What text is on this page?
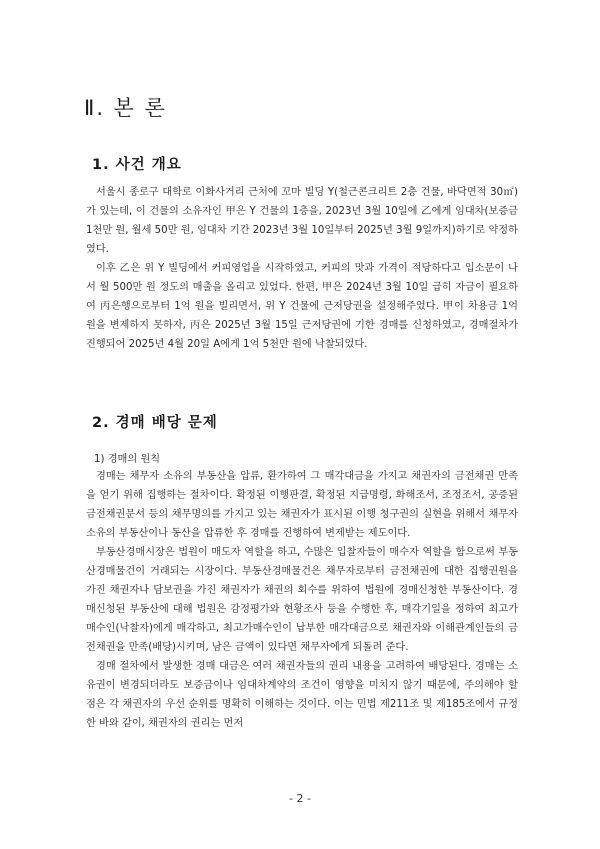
Ⅱ. 본 론
1. 사건 개요

서울시 종로구 대학로 이화사거리 근처에 꼬마 빌딩 Y(철근콘크리트 2층 건물, 바닥면적 30㎡)가 있는데, 이 건물의 소유자인 甲은 Y 건물의 1층을, 2023년 3월 10일에 乙에게 임대차(보증금 1천만 원, 월세 50만 원, 임대차 기간 2023년 3월 10일부터 2025년 3월 9일까지)하기로 약정하였다.

이후 乙은 위 Y 빌딩에서 커피영업을 시작하였고, 커피의 맛과 가격이 적당하다고 입소문이 나서 월 500만 원 정도의 매출을 올리고 있었다. 한편, 甲은 2024년 3월 10일 급히 자금이 필요하여 丙은행으로부터 1억 원을 빌리면서, 위 Y 건물에 근저당권을 설정해주었다. 甲이 차용금 1억 원을 변제하지 못하자, 丙은 2025년 3월 15일 근저당권에 기한 경매를 신청하였고, 경매절차가 진행되어 2025년 4월 20일 A에게 1억 5천만 원에 낙찰되었다.

2. 경매 배당 문제
1) 경매의 원칙

경매는 채무자 소유의 부동산을 압류, 환가하여 그 매각대금을 가지고 채권자의 금전채권 만족을 얻기 위해 집행하는 절차이다. 확정된 이행판결, 확정된 지급명령, 화해조서, 조정조서, 공증된 금전채권문서 등의 채무명의를 가지고 있는 채권자가 표시된 이행 청구권의 실현을 위해서 채무자 소유의 부동산이나 동산을 압류한 후 경매를 진행하여 변제받는 제도이다.

부동산경매시장은 법원이 매도자 역할을 하고, 수많은 입찰자들이 매수자 역할을 함으로써 부동산경매물건이 거래되는 시장이다. 부동산경매물건은 채무자로부터 금전채권에 대한 집행권원을 가진 채권자나 담보권을 가진 채권자가 채권의 회수를 위하여 법원에 경매신청한 부동산이다. 경매신청된 부동산에 대해 법원은 감정평가와 현황조사 등을 수행한 후, 매각기일을 정하여 최고가매수인(낙찰자)에게 매각하고, 최고가매수인이 납부한 매각대금으로 채권자와 이해관계인들의 금전채권을 만족(배당)시키며, 남은 금액이 있다면 채무자에게 되돌려 준다.

경매 절차에서 발생한 경매 대금은 여러 채권자들의 권리 내용을 고려하여 배당된다. 경매는 소유권이 변경되더라도 보증금이나 임대차계약의 조건이 영향을 미치지 않기 때문에, 주의해야 할 점은 각 채권자의 우선 순위를 명확히 이해하는 것이다. 이는 민법 제211조 및 제185조에서 규정한 바와 같이, 채권자의 권리는 먼저

- 2 -
